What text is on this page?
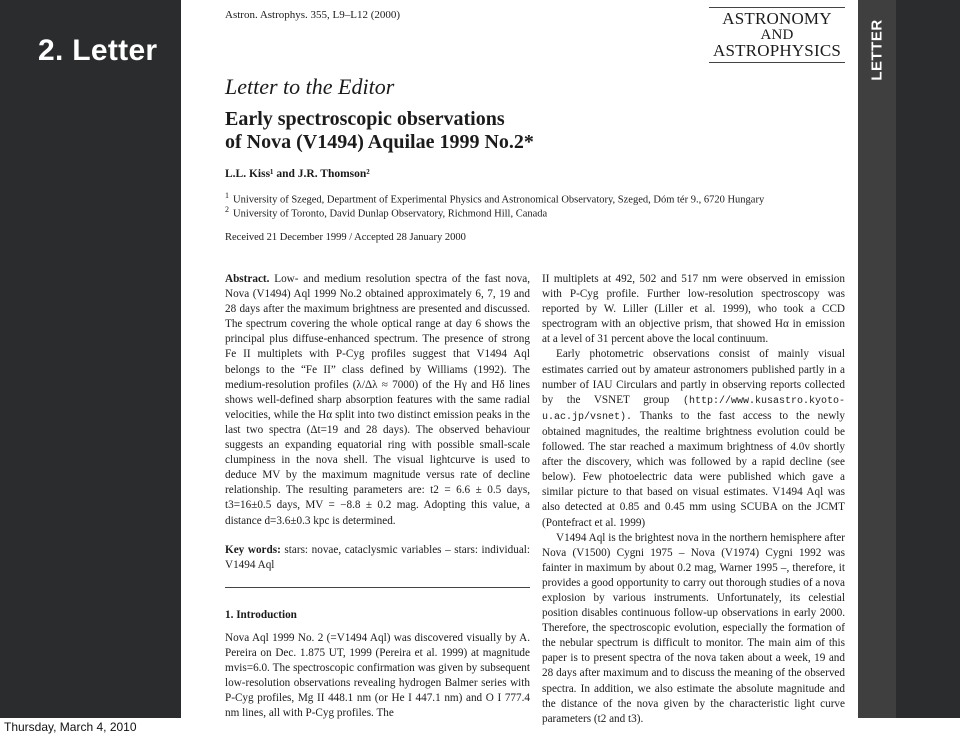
2. Letter
Astron. Astrophys. 355, L9–L12 (2000)	ASTRONOMY
AND
ASTROPHYSICS
Letter to the Editor
Early spectroscopic observations
of Nova (V1494) Aquilae 1999 No.2*
L.L. Kiss¹ and J.R. Thomson²
$^1$ University of Szeged, Department of Experimental Physics and Astronomical Observatory, Szeged, Dóm tér 9., 6720 Hungary
$^2$ University of Toronto, David Dunlap Observatory, Richmond Hill, Canada
Received 21 December 1999 / Accepted 28 January 2000

Abstract. Low- and medium resolution spectra of the fast nova, Nova (V1494) Aql 1999 No.2 obtained approximately 6, 7, 19 and 28 days after the maximum brightness are presented and discussed. The spectrum covering the whole optical range at day 6 shows the principal plus diffuse-enhanced spectrum. The presence of strong Fe II multiplets with P-Cyg profiles suggest that V1494 Aql belongs to the “Fe II” class defined by Williams (1992). The medium-resolution profiles (λ/Δλ ≈ 7000) of the Hγ and Hδ lines shows well-defined sharp absorption features with the same radial velocities, while the Hα split into two distinct emission peaks in the last two spectra (Δt=19 and 28 days). The observed behaviour suggests an expanding equatorial ring with possible small-scale clumpiness in the nova shell. The visual lightcurve is used to deduce MV by the maximum magnitude versus rate of decline relationship. The resulting parameters are: t2 = 6.6 ± 0.5 days, t3=16±0.5 days, MV = −8.8 ± 0.2 mag. Adopting this value, a distance d=3.6±0.3 kpc is determined.

Key words: stars: novae, cataclysmic variables – stars: individual: V1494 Aql

1. Introduction

Nova Aql 1999 No. 2 (=V1494 Aql) was discovered visually by A. Pereira on Dec. 1.875 UT, 1999 (Pereira et al. 1999) at magnitude mvis=6.0. The spectroscopic confirmation was given by subsequent low-resolution observations revealing hydrogen Balmer series with P-Cyg profiles, Mg II 448.1 nm (or He I 447.1 nm) and O I 777.4 nm lines, all with P-Cyg profiles. The

II multiplets at 492, 502 and 517 nm were observed in emission with P-Cyg profile. Further low-resolution spectroscopy was reported by W. Liller (Liller et al. 1999), who took a CCD spectrogram with an objective prism, that showed Hα in emission at a level of 31 percent above the local continuum.

Early photometric observations consist of mainly visual estimates carried out by amateur astronomers published partly in a number of IAU Circulars and partly in observing reports collected by the VSNET group (http://www.kusastro.kyoto-u.ac.jp/vsnet). Thanks to the fast access to the newly obtained magnitudes, the realtime brightness evolution could be followed. The star reached a maximum brightness of 4.0v shortly after the discovery, which was followed by a rapid decline (see below). Few photoelectric data were published which gave a similar picture to that based on visual estimates. V1494 Aql was also detected at 0.85 and 0.45 mm using SCUBA on the JCMT (Pontefract et al. 1999)

V1494 Aql is the brightest nova in the northern hemisphere after Nova (V1500) Cygni 1975 – Nova (V1974) Cygni 1992 was fainter in maximum by about 0.2 mag, Warner 1995 –, therefore, it provides a good opportunity to carry out thorough studies of a nova explosion by various instruments. Unfortunately, its celestial position disables continuous follow-up observations in early 2000. Therefore, the spectroscopic evolution, especially the formation of the nebular spectrum is difficult to monitor. The main aim of this paper is to present spectra of the nova taken about a week, 19 and 28 days after maximum and to discuss the meaning of the observed spectra. In addition, we also estimate the absolute magnitude and the distance of the nova given by the characteristic light curve parameters (t2 and t3).

LETTER
Thursday, March 4, 2010
